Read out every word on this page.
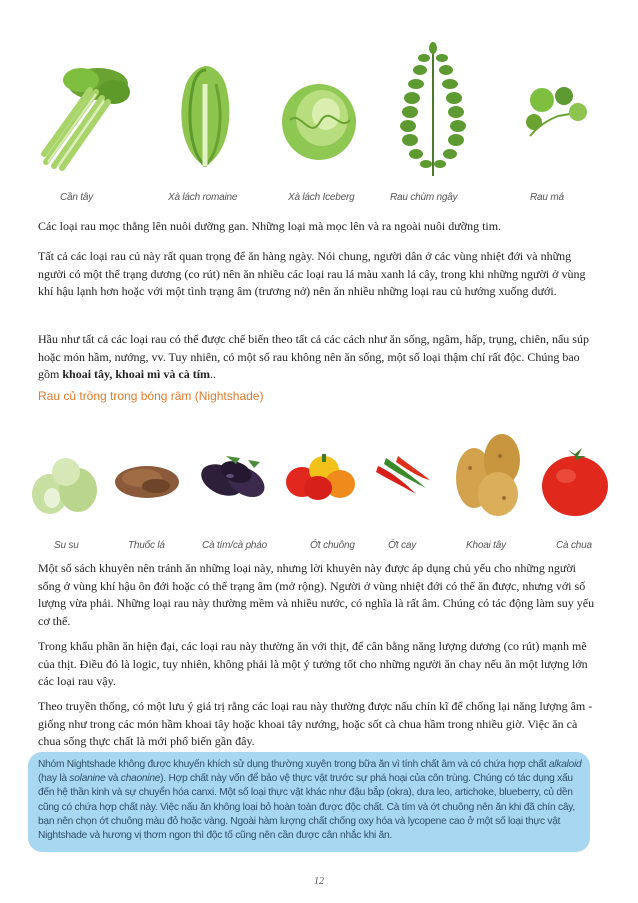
Cần tây	Xà lách romaine	Xà lách Iceberg	Rau chùm ngây	Rau má

Các loại rau mọc thẳng lên nuôi dưỡng gan. Những loại mà mọc lên và ra ngoài nuôi dưỡng tim.

Tất cả các loại rau củ này rất quan trọng để ăn hàng ngày. Nói chung, người dân ở các vùng nhiệt đới và những người có một thể trạng dương (co rút) nên ăn nhiều các loại rau lá màu xanh lá cây, trong khi những người ở vùng khí hậu lạnh hơn hoặc với một tình trạng âm (trương nở) nên ăn nhiều những loại rau củ hướng xuống dưới.

Hầu như tất cả các loại rau có thể được chế biến theo tất cả các cách như ăn sống, ngâm, hấp, trụng, chiên, nấu súp hoặc món hầm, nướng, vv. Tuy nhiên, có một số rau không nên ăn sống, một số loại thậm chí rất độc. Chúng bao gồm khoai tây, khoai mì và cà tím..

Rau củ trồng trong bóng râm (Nightshade)
Su su	Thuốc lá	Cà tím/cà pháo	Ớt chuông	Ớt cay	Khoai tây	Cà chua

Một số sách khuyên nên tránh ăn những loại này, nhưng lời khuyên này được áp dụng chủ yếu cho những người sống ở vùng khí hậu ôn đới hoặc có thể trạng âm (mở rộng). Người ở vùng nhiệt đới có thể ăn được, nhưng với số lượng vừa phải. Những loại rau này thường mềm và nhiều nước, có nghĩa là rất âm. Chúng có tác động làm suy yếu cơ thể.

Trong khẩu phần ăn hiện đại, các loại rau này thường ăn với thịt, để cân bằng năng lượng dương (co rút) mạnh mẽ của thịt. Điều đó là logic, tuy nhiên, không phải là một ý tưởng tốt cho những người ăn chay nếu ăn một lượng lớn các loại rau vậy.

Theo truyền thống, có một lưu ý giá trị rằng các loại rau này thường được nấu chín kĩ để chống lại năng lượng âm - giống như trong các món hầm khoai tây hoặc khoai tây nướng, hoặc sốt cà chua hầm trong nhiều giờ. Việc ăn cà chua sống thực chất là mới phổ biến gần đây.

Nhóm Nightshade không được khuyến khích sử dụng thường xuyên trong bữa ăn vì tính chất âm và có chứa hợp chất alkaloid (hay là solanine và chaonine). Hợp chất này vốn để bảo vệ thực vật trước sự phá hoại của côn trùng. Chúng có tác dụng xấu đến hệ thần kinh và sự chuyển hóa canxi. Một số loại thực vật khác như đậu bắp (okra), dưa leo, artichoke, blueberry, củ dền cũng có chứa hợp chất này. Việc nấu ăn không loại bỏ hoàn toàn được độc chất. Cà tím và ớt chuông nên ăn khi đã chín cây, bạn nên chọn ớt chuông màu đỏ hoặc vàng. Ngoài hàm lượng chất chống oxy hóa và lycopene cao ở một số loại thực vật Nightshade và hương vị thơm ngon thì độc tố cũng nên cần được cân nhắc khi ăn.

12
